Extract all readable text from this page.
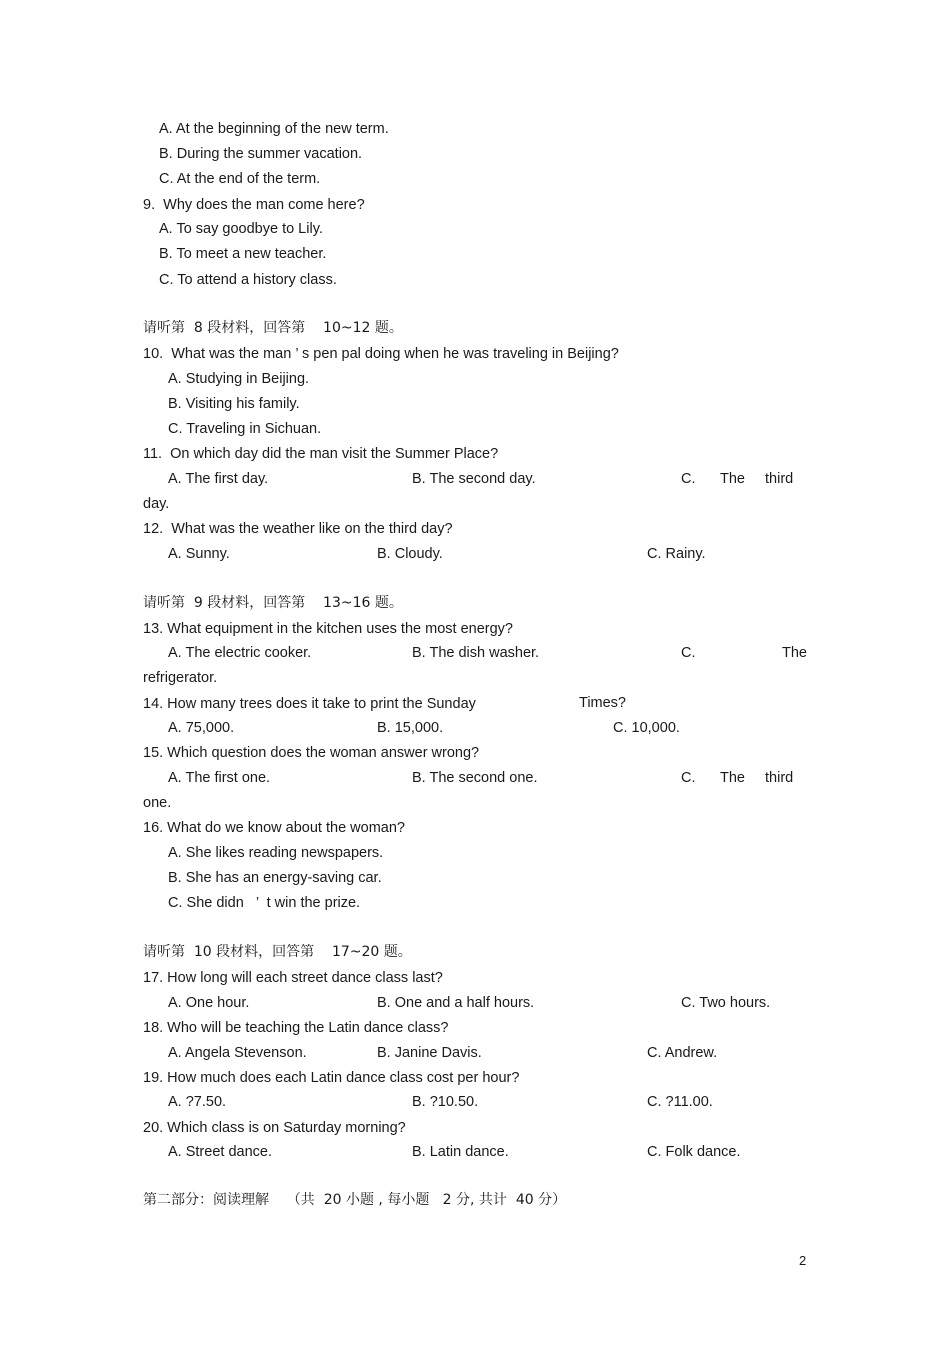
A. At the beginning of the new term.
B. During the summer vacation.
C. At the end of the term.
9.  Why does the man come here?
A. To say goodbye to Lily.
B. To meet a new teacher.
C. To attend a history class.
请听第  8 段材料，回答第    10~12 题。
10.  What was the man ’ s pen pal doing when he was traveling in Beijing?
A. Studying in Beijing.
B. Visiting his family.
C. Traveling in Sichuan.
11.  On which day did the man visit the Summer Place?
A. The first day.	B. The second day.	C. The third
day.
12.  What was the weather like on the third day?
A. Sunny.	B. Cloudy.	C. Rainy.
请听第  9 段材料，回答第    13~16 题。
13. What equipment in the kitchen uses the most energy?
A. The electric cooker.	B. The dish washer.	C.	The
refrigerator.
14. How many trees does it take to print the Sunday	Times?
A. 75,000.	B. 15,000.	C. 10,000.
15. Which question does the woman answer wrong?
A. The first one.	B. The second one.	C. The third
one.
16. What do we know about the woman?
A. She likes reading newspapers.
B. She has an energy-saving car.
C. She didn   ’  t win the prize.
请听第  10 段材料，回答第    17~20 题。
17. How long will each street dance class last?
A. One hour.	B. One and a half hours.	C. Two hours.
18. Who will be teaching the Latin dance class?
A. Angela Stevenson.	B. Janine Davis.	C. Andrew.
19. How much does each Latin dance class cost per hour?
A. ?7.50.	B. ?10.50.	C. ?11.00.
20. Which class is on Saturday morning?
A. Street dance.	B. Latin dance.	C. Folk dance.
第二部分：阅读理解    （共  20 小题 , 每小题   2 分, 共计  40 分）
2
